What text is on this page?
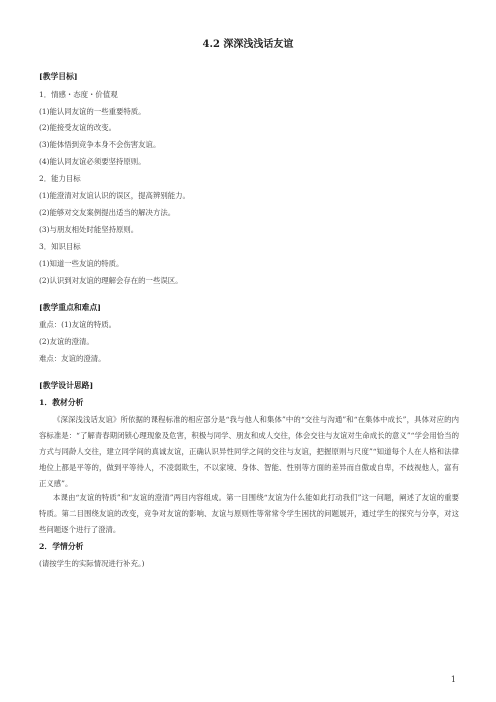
4.2 深深浅浅话友谊
[教学目标]
1．情感・态度・价值观
(1)能认同友谊的一些重要特质。
(2)能接受友谊的改变。
(3)能体悟到竞争本身不会伤害友谊。
(4)能认同友谊必须要坚持原则。
2．能力目标
(1)能澄清对友谊认识的误区，提高辨别能力。
(2)能够对交友案例提出适当的解决方法。
(3)与朋友相处时能坚持原则。
3．知识目标
(1)知道一些友谊的特质。
(2)认识到对友谊的理解会存在的一些误区。
[教学重点和难点]
重点：(1)友谊的特质。
(2)友谊的澄清。
难点：友谊的澄清。
[教学设计思路]
1．教材分析
《深深浅浅话友谊》所依据的课程标准的相应部分是“我与他人和集体”中的“交往与沟通”和“在集体中成长”，具体对应的内容标准是：“了解青春期闭锁心理现象及危害，积极与同学、朋友和成人交往，体会交往与友谊对生命成长的意义”“学会用恰当的方式与同龄人交往，建立同学间的真诚友谊，正确认识异性同学之间的交往与友谊，把握原则与尺度”“知道每个人在人格和法律地位上都是平等的，做到平等待人，不凌弱欺生，不以家境、身体、智能、性别等方面的差异而自傲或自卑，不歧视他人，富有正义感”。
本课由“友谊的特质”和“友谊的澄清”两目内容组成。第一目围绕“友谊为什么能如此打动我们”这一问题，阐述了友谊的重要特质。第二目围绕友谊的改变，竞争对友谊的影响、友谊与原则性等常常令学生困扰的问题展开，通过学生的探究与分享，对这些问题逐个进行了澄清。
2．学情分析
(请按学生的实际情况进行补充。)
1
